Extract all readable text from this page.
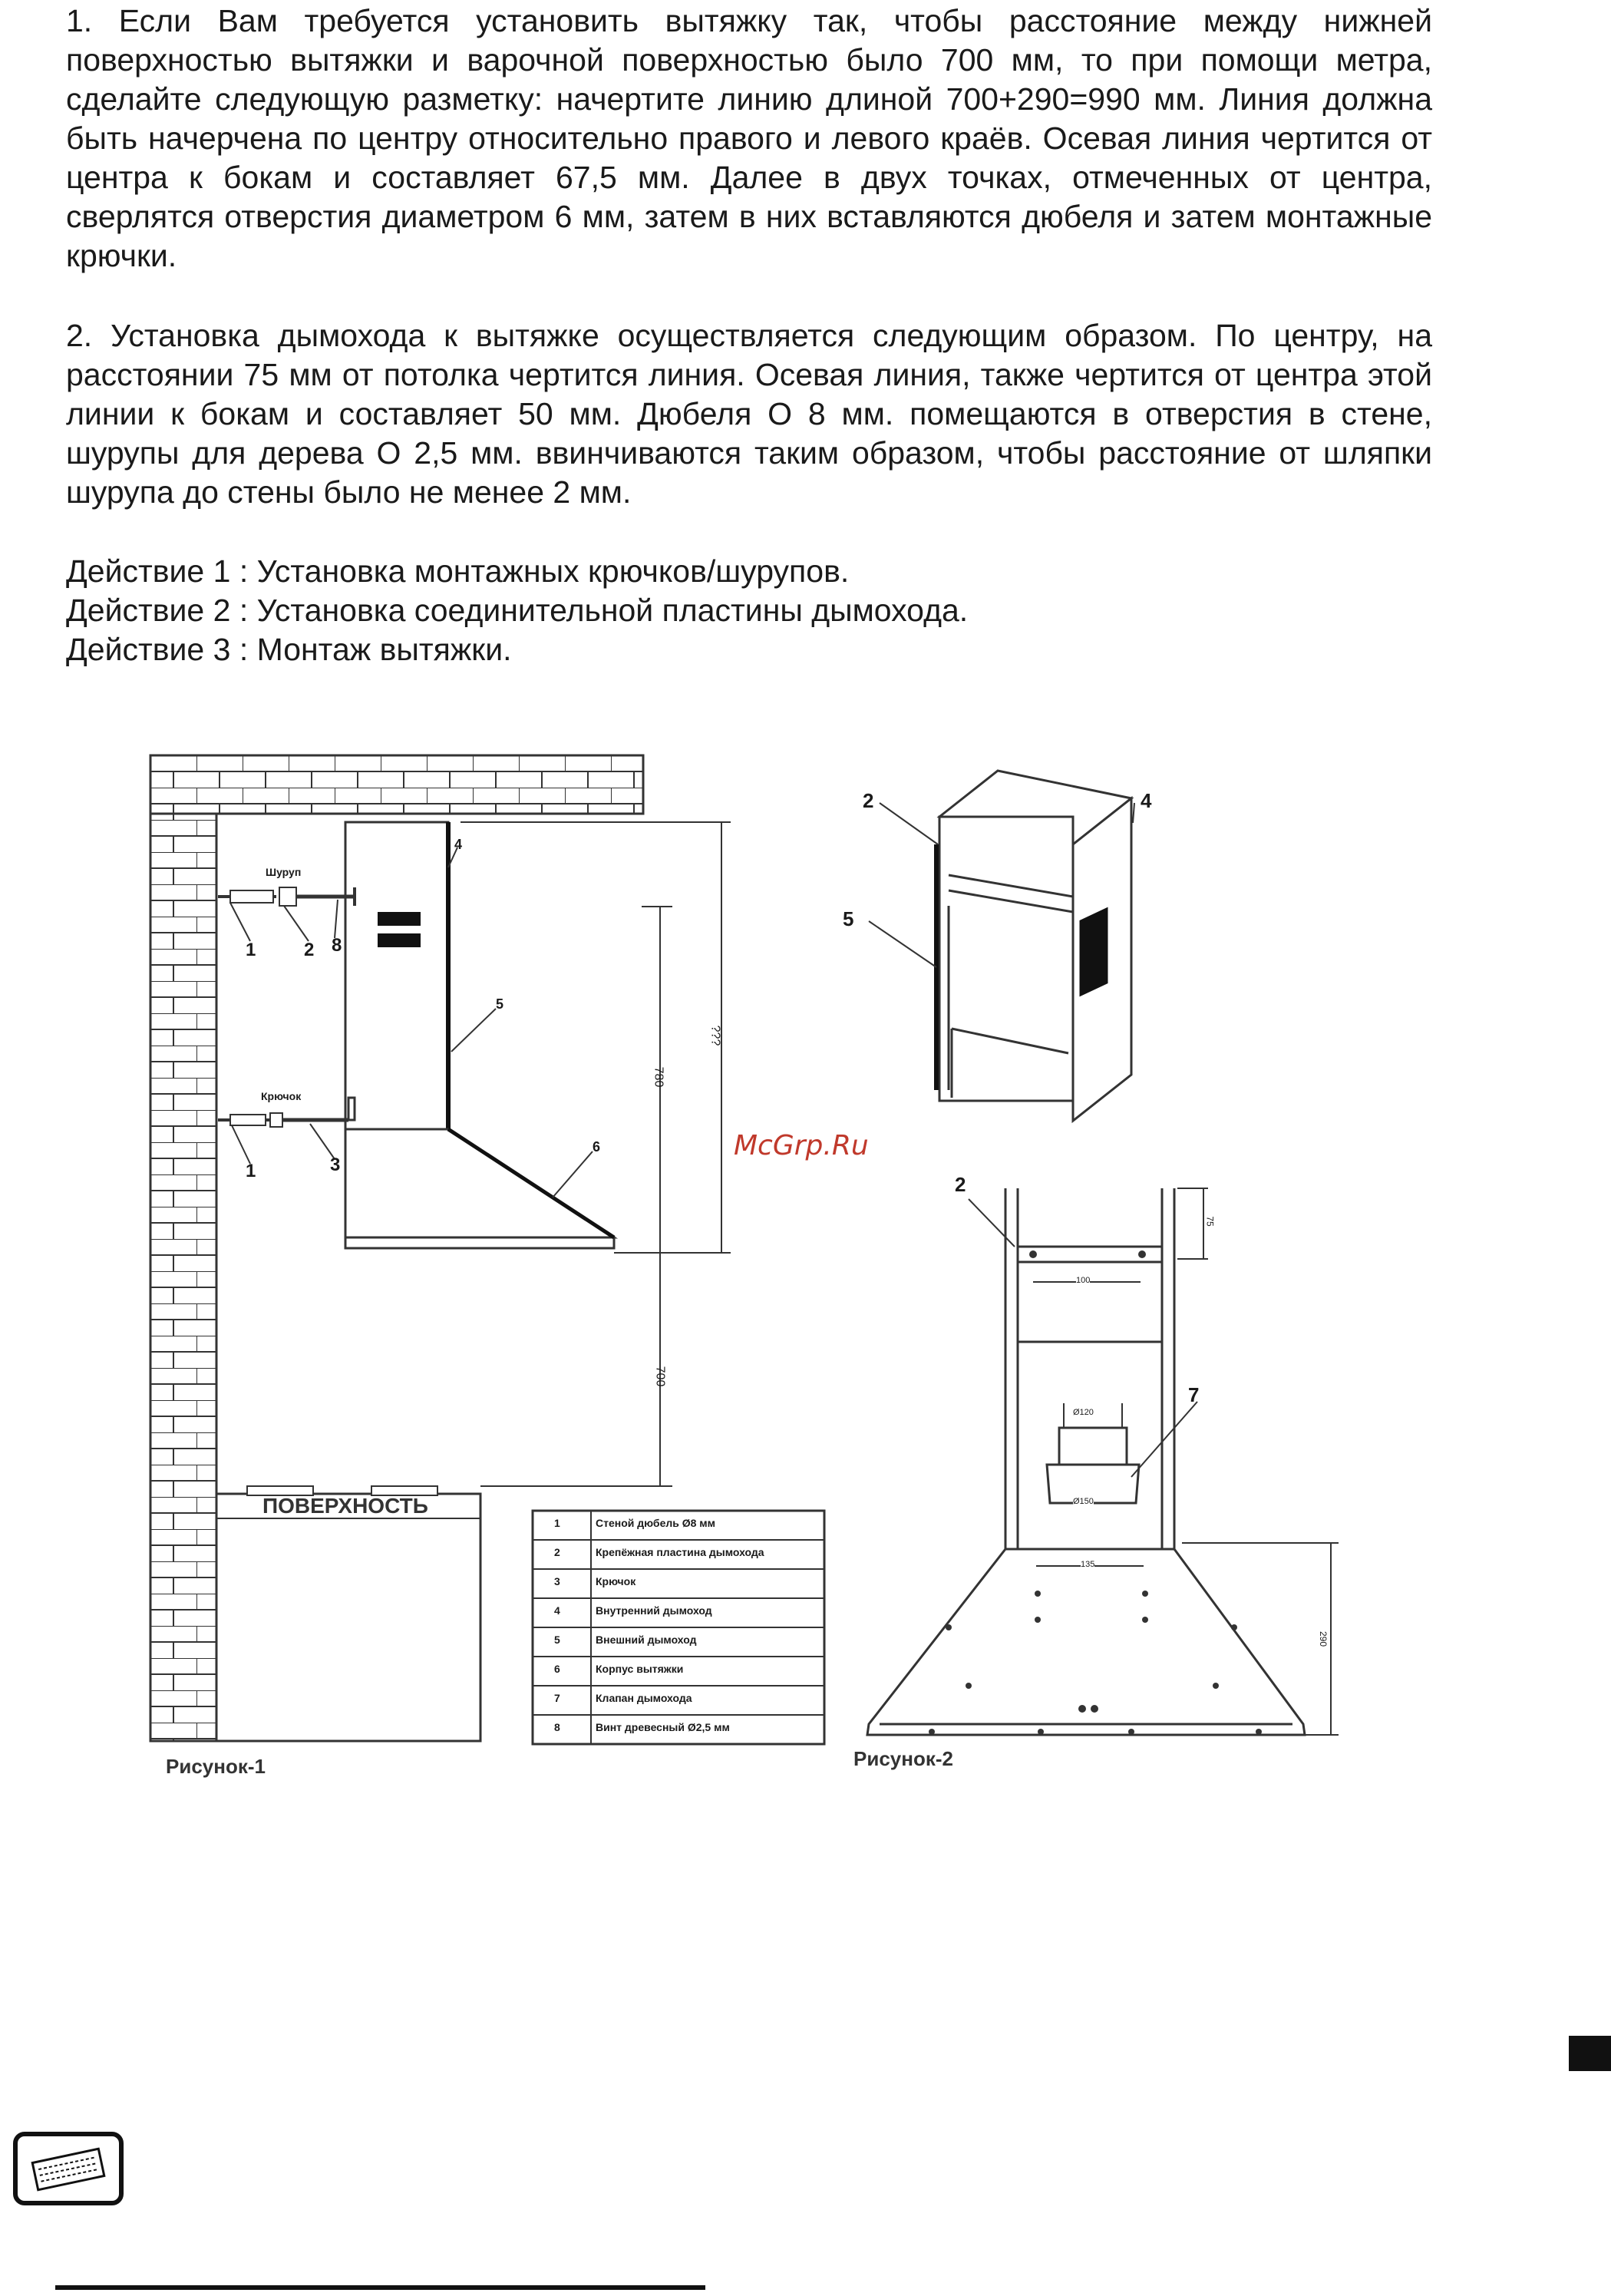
1. Если Вам требуется установить вытяжку так, чтобы расстояние между нижней поверхностью вытяжки и варочной поверхностью было 700 мм, то при помощи метра, сделайте следующую разметку: начертите линию длиной 700+290=990 мм. Линия должна быть начерчена по центру относительно правого и левого краёв. Осевая линия чертится от центра к бокам и составляет 67,5 мм. Далее в двух точках, отмеченных от центра, сверлятся отверстия диаметром 6 мм, затем в них вставляются дюбеля и затем монтажные крючки.

2. Установка дымохода к вытяжке осуществляется следующим образом. По центру, на расстоянии 75 мм от потолка чертится линия. Осевая линия, также чертится от центра этой линии к бокам и составляет 50 мм. Дюбеля O 8 мм. помещаются в отверстия в стене, шурупы для дерева O 2,5 мм. ввинчиваются таким образом, чтобы расстояние от шляпки шурупа до стены было не менее 2 мм.

Действие 1 : Установка монтажных крючков/шурупов.

Действие 2 : Установка соединительной пластины дымохода.

Действие 3 : Монтаж вытяжки.

Шуруп
Крючок
1	2 8
4
5
1	3
6
ПОВЕРХНОСТЬ
???
780
700
1	Стеной дюбель Ø8 мм
2	Крепёжная пластина дымохода
3	Крючок
4	Внутренний дымоход
5	Внешний дымоход
6	Корпус вытяжки
7	Клапан дымохода
8	Винт древесный Ø2,5 мм
Рисунок-1
2	4
5
2
7
75
100
Ø120
Ø150
135
290
Рисунок-2
McGrp.Ru
